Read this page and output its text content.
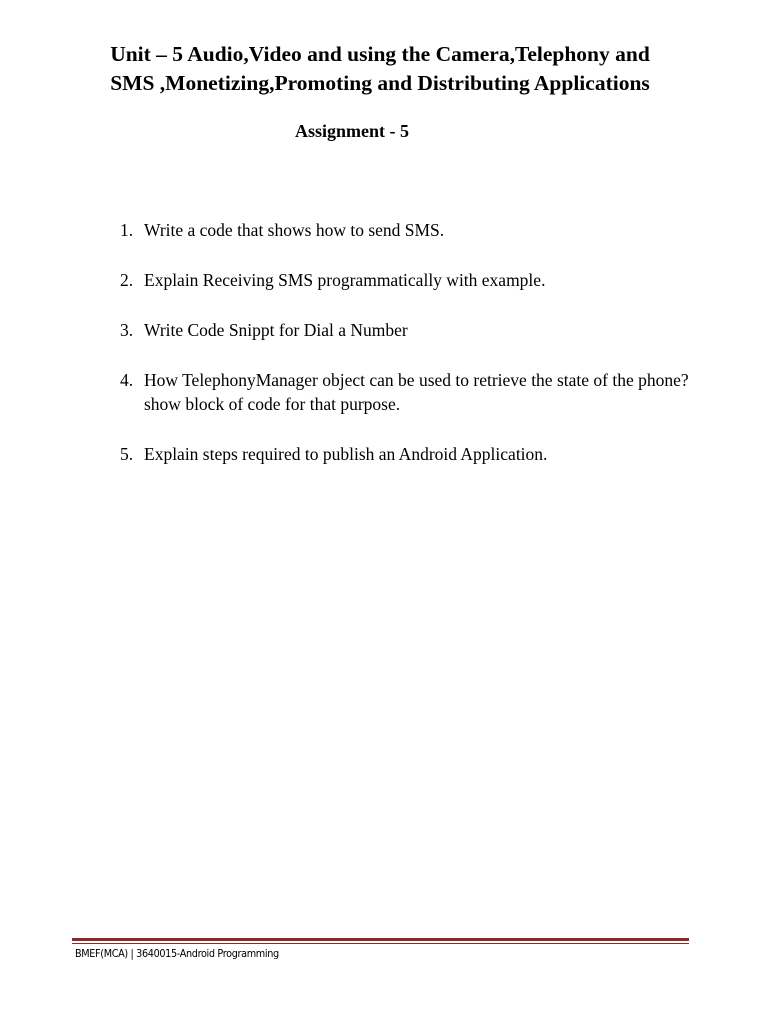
Unit – 5 Audio,Video and using the Camera,Telephony and
SMS ,Monetizing,Promoting and Distributing Applications
Assignment - 5
1. Write a code that shows how to send SMS.
2. Explain Receiving SMS programmatically with example.
3. Write Code Snippt for Dial a Number
4. How TelephonyManager object can be used to retrieve the state of the phone?show block of code for that purpose.
5. Explain steps required to publish an Android Application.
BMEF(MCA) | 3640015-Android Programming
